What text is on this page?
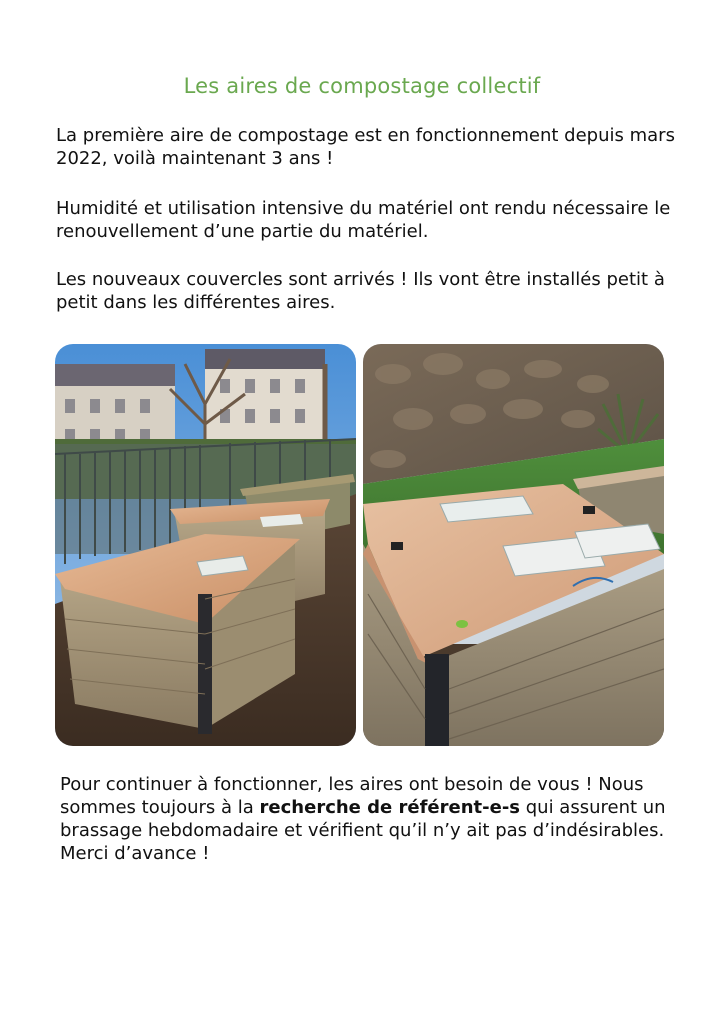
Les aires de compostage collectif

La première aire de compostage est en fonctionnement depuis mars 2022, voilà maintenant 3 ans !

Humidité et utilisation intensive du matériel ont rendu nécessaire le renouvellement d’une partie du matériel.

Les nouveaux couvercles sont arrivés ! Ils vont être installés petit à petit dans les différentes aires.

Pour continuer à fonctionner, les aires ont besoin de vous ! Nous sommes toujours à la recherche de référent-e-s qui assurent un brassage hebdomadaire et vérifient qu’il n’y ait pas d’indésirables. Merci d’avance !
